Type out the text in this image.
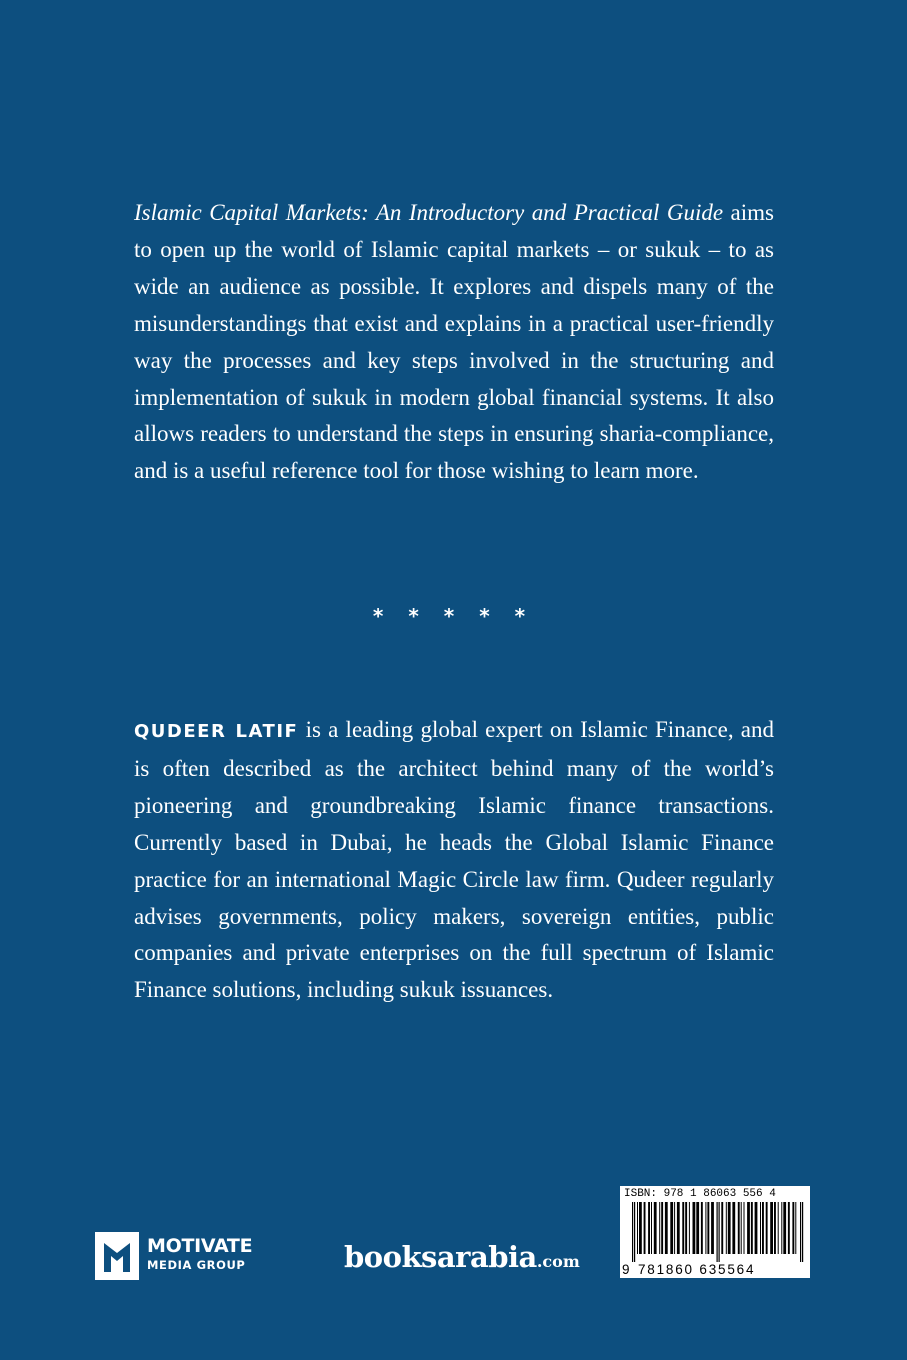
Islamic Capital Markets: An Introductory and Practical Guide aims to open up the world of Islamic capital markets – or sukuk – to as wide an audience as possible. It explores and dispels many of the misunderstandings that exist and explains in a practical user-friendly way the processes and key steps involved in the structuring and implementation of sukuk in modern global financial systems. It also allows readers to understand the steps in ensuring sharia-compliance, and is a useful reference tool for those wishing to learn more.

* * * * *

QUDEER LATIF is a leading global expert on Islamic Finance, and is often described as the architect behind many of the world’s pioneering and groundbreaking Islamic finance transactions. Currently based in Dubai, he heads the Global Islamic Finance practice for an international Magic Circle law firm. Qudeer regularly advises governments, policy makers, sovereign entities, public companies and private enterprises on the full spectrum of Islamic Finance solutions, including sukuk issuances.

MOTIVATE
MEDIA GROUP	booksarabia.com
ISBN: 978 1 86063 556 4
9 781860 635564
